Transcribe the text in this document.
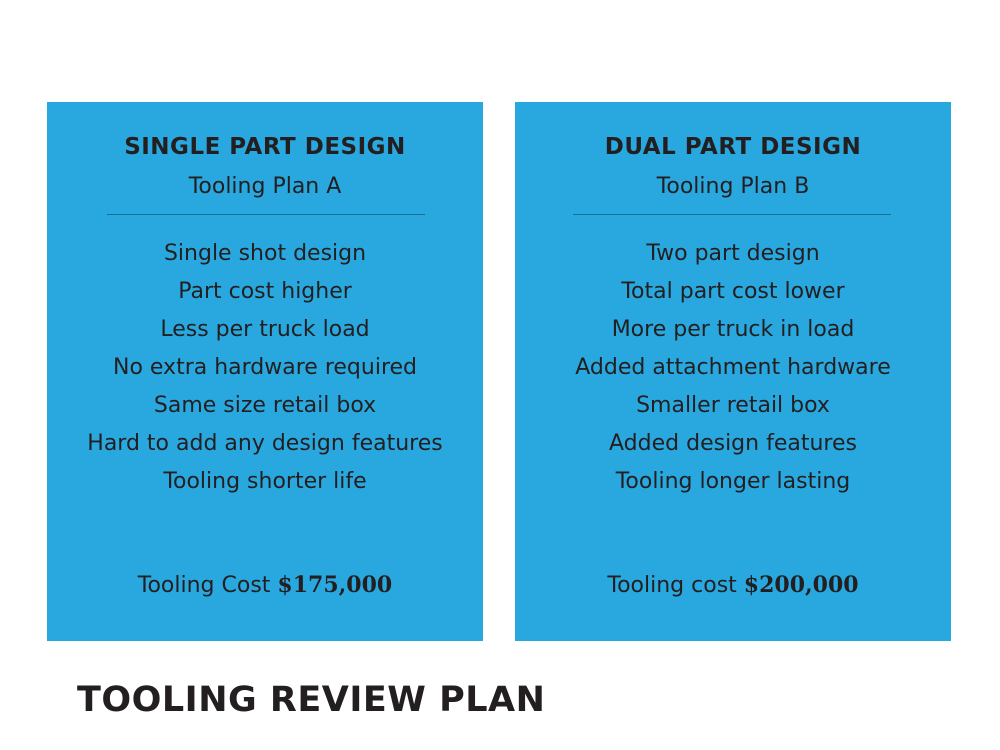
SINGLE PART DESIGN

Tooling Plan A

Single shot design
Part cost higher
Less per truck load
No extra hardware required
Same size retail box
Hard to add any design features
Tooling shorter life

Tooling Cost $175,000

DUAL PART DESIGN

Tooling Plan B

Two part design
Total part cost lower
More per truck in load
Added attachment hardware
Smaller retail box
Added design features
Tooling longer lasting

Tooling cost $200,000

TOOLING REVIEW PLAN
